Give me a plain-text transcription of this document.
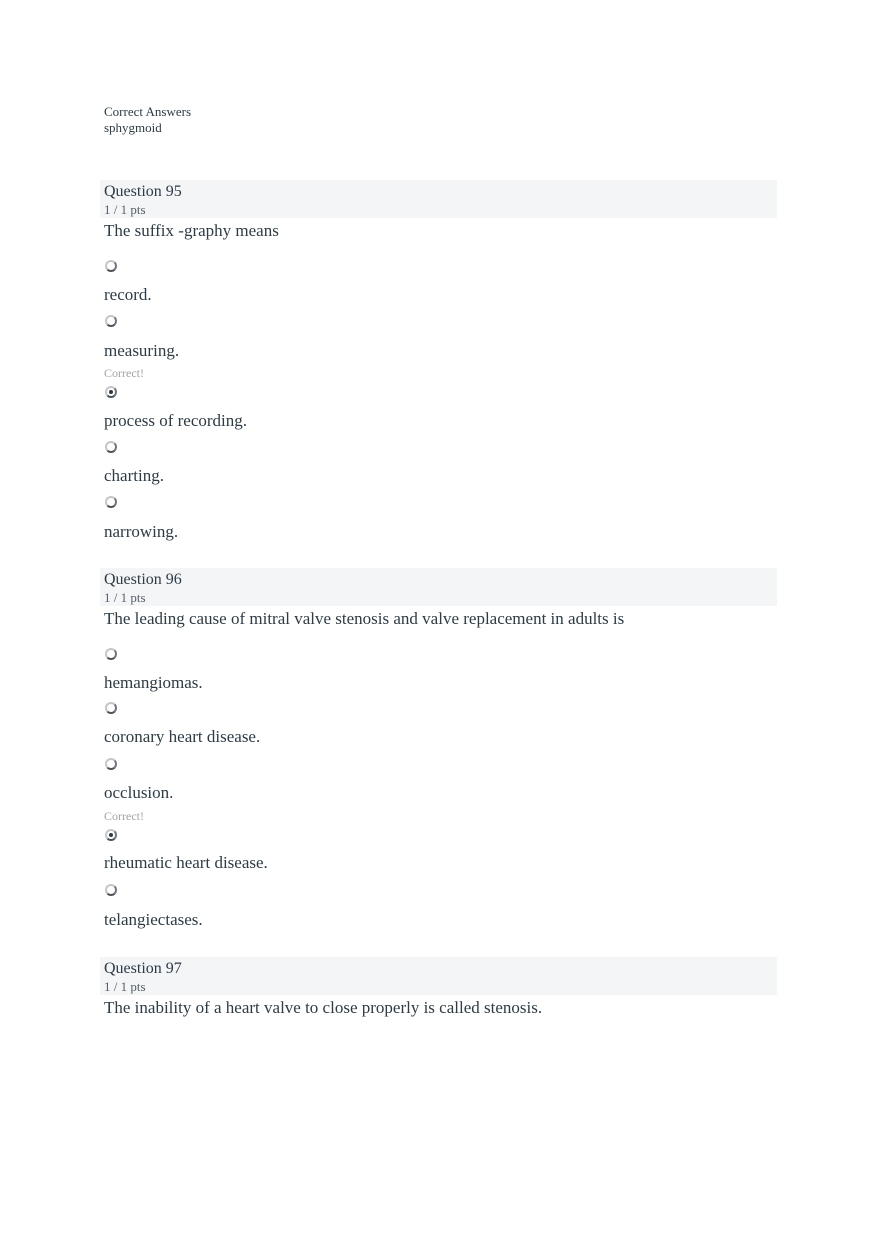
Correct Answers
sphygmoid
Question 95
1 / 1 pts
The suffix -graphy means
record.
measuring.
Correct!
process of recording.
charting.
narrowing.
Question 96
1 / 1 pts
The leading cause of mitral valve stenosis and valve replacement in adults is
hemangiomas.
coronary heart disease.
occlusion.
Correct!
rheumatic heart disease.
telangiectases.
Question 97
1 / 1 pts
The inability of a heart valve to close properly is called stenosis.
